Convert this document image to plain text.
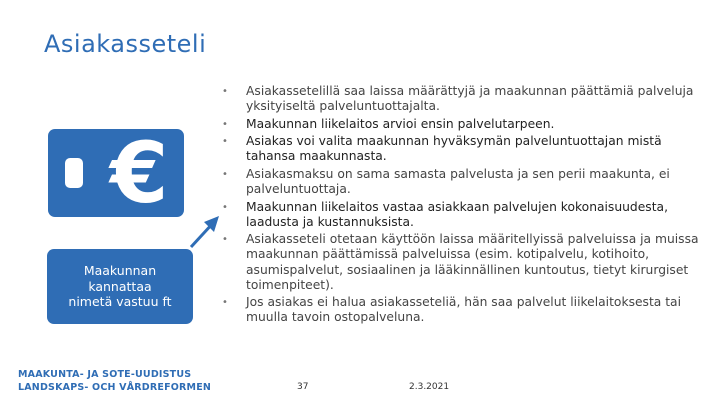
Asiakasseteli
€
Maakunnan
kannattaa
nimetä vastuu ft
• Asiakassetelillä saa laissa määrättyjä ja maakunnan päättämiä palveluja yksityiseltä palveluntuottajalta.
• Maakunnan liikelaitos arvioi ensin palvelutarpeen.
• Asiakas voi valita maakunnan hyväksymän palveluntuottajan mistä tahansa maakunnasta.
• Asiakasmaksu on sama samasta palvelusta ja sen perii maakunta, ei palveluntuottaja.
• Maakunnan liikelaitos vastaa asiakkaan palvelujen kokonaisuudesta, laadusta ja kustannuksista.
• Asiakasseteli otetaan käyttöön laissa määritellyissä palveluissa ja muissa maakunnan päättämissä palveluissa (esim. kotipalvelu, kotihoito, asumispalvelut, sosiaalinen ja lääkinnällinen kuntoutus, tietyt kirurgiset toimenpiteet).
• Jos asiakas ei halua asiakasseteliä, hän saa palvelut liikelaitoksesta tai muulla tavoin ostopalveluna.
MAAKUNTA- JA SOTE-UUDISTUS
LANDSKAPS- OCH VÅRDREFORMEN	37	2.3.2021
